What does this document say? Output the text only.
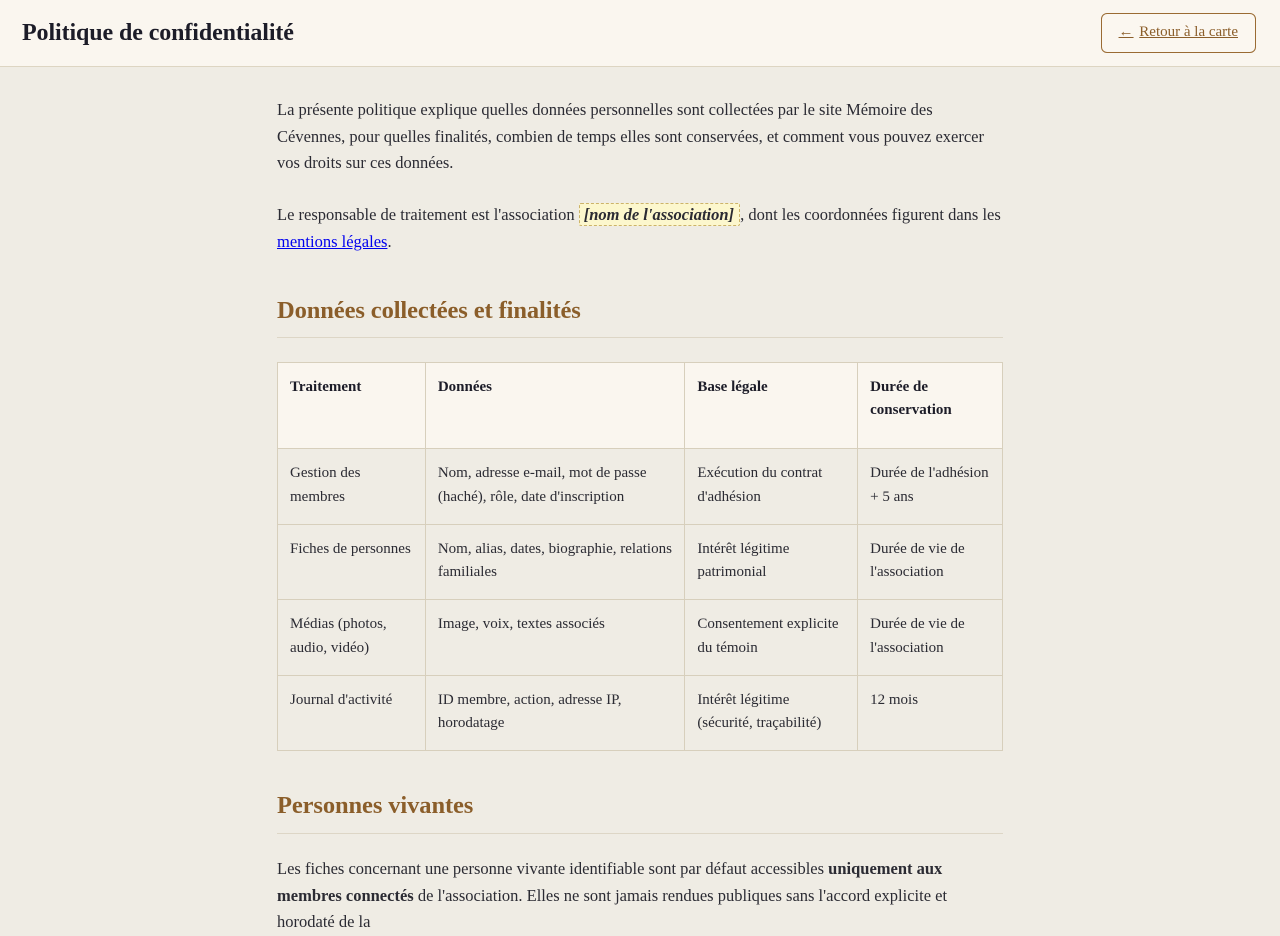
Politique de confidentialité	← Retour à la carte

La présente politique explique quelles données personnelles sont collectées par le site Mémoire des Cévennes, pour quelles finalités, combien de temps elles sont conservées, et comment vous pouvez exercer vos droits sur ces données.

Le responsable de traitement est l'association [nom de l'association] , dont les coordonnées figurent dans les mentions légales.

Données collectées et finalités
Traitement	Données	Base légale	Durée de conservation
Gestion des membres	Nom, adresse e-mail, mot de passe (haché), rôle, date d'inscription	Exécution du contrat d'adhésion	Durée de l'adhésion + 5 ans
Fiches de personnes	Nom, alias, dates, biographie, relations familiales	Intérêt légitime patrimonial	Durée de vie de l'association
Médias (photos, audio, vidéo)	Image, voix, textes associés	Consentement explicite du témoin	Durée de vie de l'association
Journal d'activité	ID membre, action, adresse IP, horodatage	Intérêt légitime (sécurité, traçabilité)	12 mois
Personnes vivantes

Les fiches concernant une personne vivante identifiable sont par défaut accessibles uniquement aux membres connectés de l'association. Elles ne sont jamais rendues publiques sans l'accord explicite et horodaté de la
